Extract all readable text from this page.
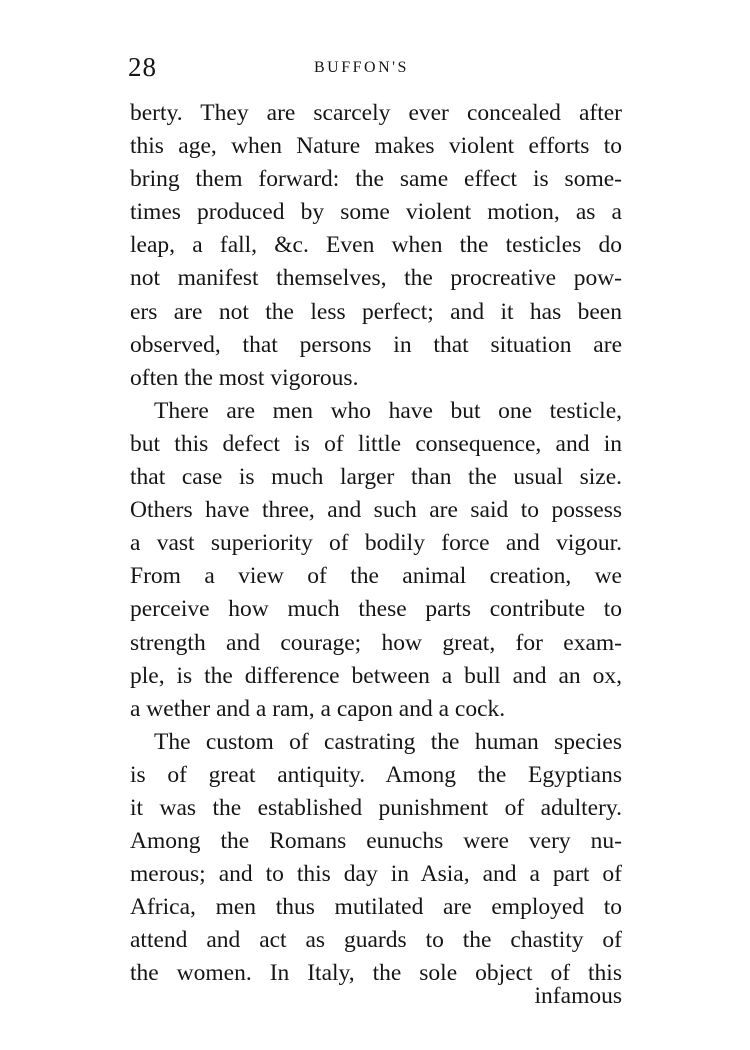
28	BUFFON'S
berty. They are scarcely ever concealed after
this age, when Nature makes violent efforts to
bring them forward: the same effect is some-
times produced by some violent motion, as a
leap, a fall, &c. Even when the testicles do
not manifest themselves, the procreative pow-
ers are not the less perfect; and it has been
observed, that persons in that situation are
often the most vigorous.
There are men who have but one testicle,
but this defect is of little consequence, and in
that case is much larger than the usual size.
Others have three, and such are said to possess
a vast superiority of bodily force and vigour.
From a view of the animal creation, we
perceive how much these parts contribute to
strength and courage; how great, for exam-
ple, is the difference between a bull and an ox,
a wether and a ram, a capon and a cock.
The custom of castrating the human species
is of great antiquity. Among the Egyptians
it was the established punishment of adultery.
Among the Romans eunuchs were very nu-
merous; and to this day in Asia, and a part of
Africa, men thus mutilated are employed to
attend and act as guards to the chastity of
the women. In Italy, the sole object of this
infamous
